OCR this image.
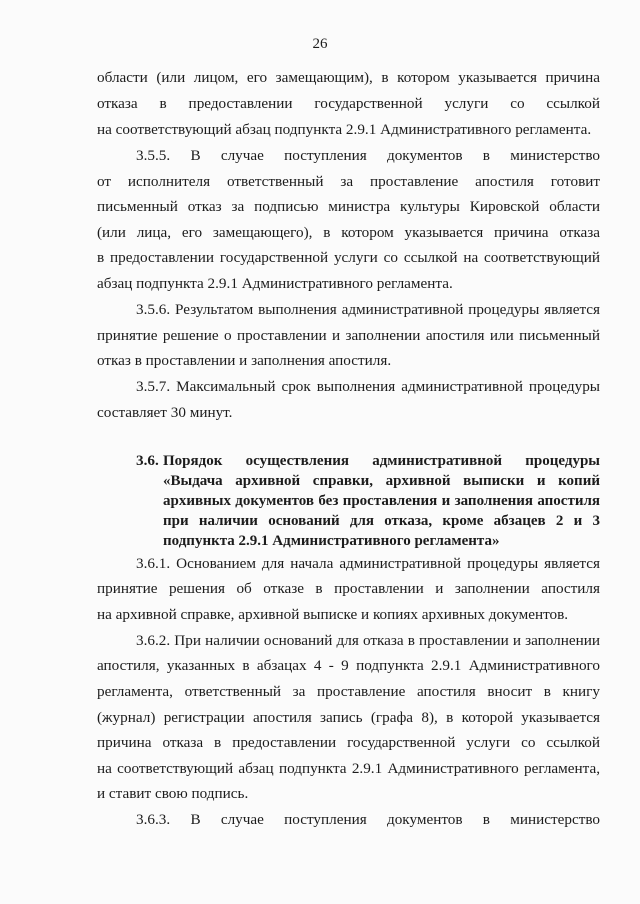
26
области (или лицом, его замещающим), в котором указывается причина
отказа в предоставлении государственной услуги со ссылкой
на соответствующий абзац подпункта 2.9.1 Административного регламента.
3.5.5. В случае поступления документов в министерство
от исполнителя ответственный за проставление апостиля готовит
письменный отказ за подписью министра культуры Кировской области
(или лица, его замещающего), в котором указывается причина отказа
в предоставлении государственной услуги со ссылкой на соответствующий
абзац подпункта 2.9.1 Административного регламента.
3.5.6. Результатом выполнения административной процедуры является
принятие решение о проставлении и заполнении апостиля или письменный
отказ в проставлении и заполнения апостиля.
3.5.7. Максимальный срок выполнения административной процедуры
составляет 30 минут.
3.6. Порядок осуществления административной процедуры
«Выдача архивной справки, архивной выписки и копий
архивных документов без проставления и заполнения апостиля
при наличии оснований для отказа, кроме абзацев 2 и 3
подпункта 2.9.1 Административного регламента»
3.6.1. Основанием для начала административной процедуры является
принятие решения об отказе в проставлении и заполнении апостиля
на архивной справке, архивной выписке и копиях архивных документов.
3.6.2. При наличии оснований для отказа в проставлении и заполнении
апостиля, указанных в абзацах 4 - 9 подпункта 2.9.1 Административного
регламента, ответственный за проставление апостиля вносит в книгу
(журнал) регистрации апостиля запись (графа 8), в которой указывается
причина отказа в предоставлении государственной услуги со ссылкой
на соответствующий абзац подпункта 2.9.1 Административного регламента,
и ставит свою подпись.
3.6.3. В случае поступления документов в министерство
